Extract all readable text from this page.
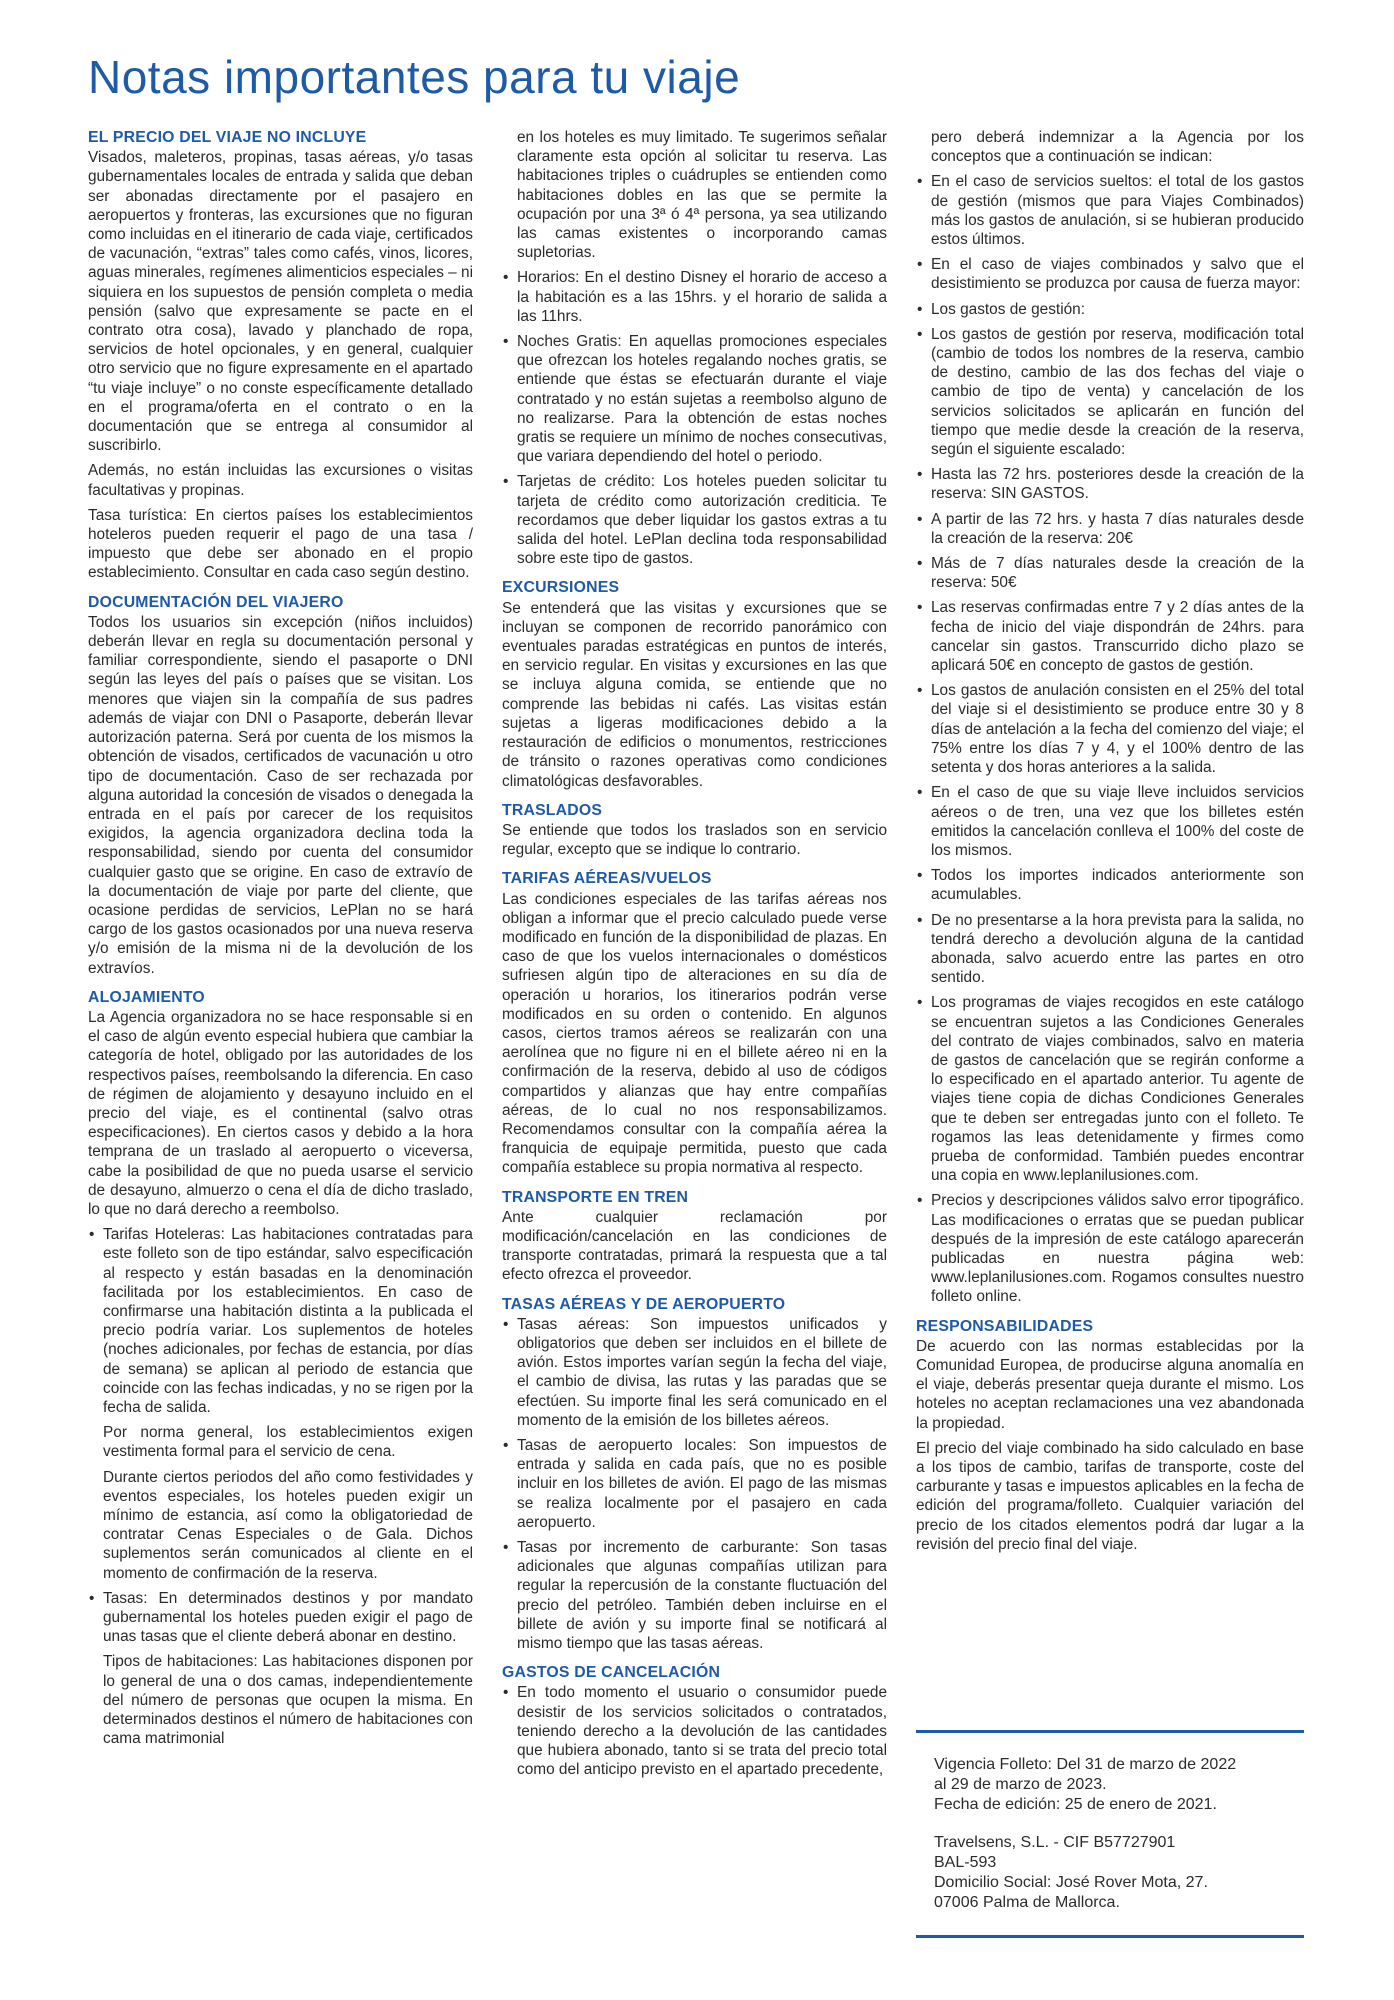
Notas importantes para tu viaje
EL PRECIO DEL VIAJE NO INCLUYE
Visados, maleteros, propinas, tasas aéreas, y/o tasas gubernamentales locales de entrada y salida que deban ser abonadas directamente por el pasajero en aeropuertos y fronteras, las excursiones que no figuran como incluidas en el itinerario de cada viaje, certificados de vacunación, “extras” tales como cafés, vinos, licores, aguas minerales, regímenes alimenticios especiales – ni siquiera en los supuestos de pensión completa o media pensión (salvo que expresamente se pacte en el contrato otra cosa), lavado y planchado de ropa, servicios de hotel opcionales, y en general, cualquier otro servicio que no figure expresamente en el apartado “tu viaje incluye” o no conste específicamente detallado en el programa/oferta en el contrato o en la documentación que se entrega al consumidor al suscribirlo.
Además, no están incluidas las excursiones o visitas facultativas y propinas.
Tasa turística: En ciertos países los establecimientos hoteleros pueden requerir el pago de una tasa / impuesto que debe ser abonado en el propio establecimiento. Consultar en cada caso según destino.
DOCUMENTACIÓN DEL VIAJERO
Todos los usuarios sin excepción (niños incluidos) deberán llevar en regla su documentación personal y familiar correspondiente, siendo el pasaporte o DNI según las leyes del país o países que se visitan. Los menores que viajen sin la compañía de sus padres además de viajar con DNI o Pasaporte, deberán llevar autorización paterna. Será por cuenta de los mismos la obtención de visados, certificados de vacunación u otro tipo de documentación. Caso de ser rechazada por alguna autoridad la concesión de visados o denegada la entrada en el país por carecer de los requisitos exigidos, la agencia organizadora declina toda la responsabilidad, siendo por cuenta del consumidor cualquier gasto que se origine. En caso de extravío de la documentación de viaje por parte del cliente, que ocasione perdidas de servicios, LePlan no se hará cargo de los gastos ocasionados por una nueva reserva y/o emisión de la misma ni de la devolución de los extravíos.
ALOJAMIENTO
La Agencia organizadora no se hace responsable si en el caso de algún evento especial hubiera que cambiar la categoría de hotel, obligado por las autoridades de los respectivos países, reembolsando la diferencia. En caso de régimen de alojamiento y desayuno incluido en el precio del viaje, es el continental (salvo otras especificaciones). En ciertos casos y debido a la hora temprana de un traslado al aeropuerto o viceversa, cabe la posibilidad de que no pueda usarse el servicio de desayuno, almuerzo o cena el día de dicho traslado, lo que no dará derecho a reembolso.
• Tarifas Hoteleras: Las habitaciones contratadas para este folleto son de tipo estándar, salvo especificación al respecto y están basadas en la denominación facilitada por los establecimientos. En caso de confirmarse una habitación distinta a la publicada el precio podría variar. Los suplementos de hoteles (noches adicionales, por fechas de estancia, por días de semana) se aplican al periodo de estancia que coincide con las fechas indicadas, y no se rigen por la fecha de salida.
Por norma general, los establecimientos exigen vestimenta formal para el servicio de cena.
Durante ciertos periodos del año como festividades y eventos especiales, los hoteles pueden exigir un mínimo de estancia, así como la obligatoriedad de contratar Cenas Especiales o de Gala. Dichos suplementos serán comunicados al cliente en el momento de confirmación de la reserva.
• Tasas: En determinados destinos y por mandato gubernamental los hoteles pueden exigir el pago de unas tasas que el cliente deberá abonar en destino.
Tipos de habitaciones: Las habitaciones disponen por lo general de una o dos camas, independientemente del número de personas que ocupen la misma. En determinados destinos el número de habitaciones con cama matrimonial
en los hoteles es muy limitado. Te sugerimos señalar claramente esta opción al solicitar tu reserva. Las habitaciones triples o cuádruples se entienden como habitaciones dobles en las que se permite la ocupación por una 3ª ó 4ª persona, ya sea utilizando las camas existentes o incorporando camas supletorias.
• Horarios: En el destino Disney el horario de acceso a la habitación es a las 15hrs. y el horario de salida a las 11hrs.
• Noches Gratis: En aquellas promociones especiales que ofrezcan los hoteles regalando noches gratis, se entiende que éstas se efectuarán durante el viaje contratado y no están sujetas a reembolso alguno de no realizarse. Para la obtención de estas noches gratis se requiere un mínimo de noches consecutivas, que variara dependiendo del hotel o periodo.
• Tarjetas de crédito: Los hoteles pueden solicitar tu tarjeta de crédito como autorización crediticia. Te recordamos que deber liquidar los gastos extras a tu salida del hotel. LePlan declina toda responsabilidad sobre este tipo de gastos.
EXCURSIONES
Se entenderá que las visitas y excursiones que se incluyan se componen de recorrido panorámico con eventuales paradas estratégicas en puntos de interés, en servicio regular. En visitas y excursiones en las que se incluya alguna comida, se entiende que no comprende las bebidas ni cafés. Las visitas están sujetas a ligeras modificaciones debido a la restauración de edificios o monumentos, restricciones de tránsito o razones operativas como condiciones climatológicas desfavorables.
TRASLADOS
Se entiende que todos los traslados son en servicio regular, excepto que se indique lo contrario.
TARIFAS AÉREAS/VUELOS
Las condiciones especiales de las tarifas aéreas nos obligan a informar que el precio calculado puede verse modificado en función de la disponibilidad de plazas. En caso de que los vuelos internacionales o domésticos sufriesen algún tipo de alteraciones en su día de operación u horarios, los itinerarios podrán verse modificados en su orden o contenido. En algunos casos, ciertos tramos aéreos se realizarán con una aerolínea que no figure ni en el billete aéreo ni en la confirmación de la reserva, debido al uso de códigos compartidos y alianzas que hay entre compañías aéreas, de lo cual no nos responsabilizamos. Recomendamos consultar con la compañía aérea la franquicia de equipaje permitida, puesto que cada compañía establece su propia normativa al respecto.
TRANSPORTE EN TREN
Ante cualquier reclamación por modificación/cancelación en las condiciones de transporte contratadas, primará la respuesta que a tal efecto ofrezca el proveedor.
TASAS AÉREAS Y DE AEROPUERTO
• Tasas aéreas: Son impuestos unificados y obligatorios que deben ser incluidos en el billete de avión. Estos importes varían según la fecha del viaje, el cambio de divisa, las rutas y las paradas que se efectúen. Su importe final les será comunicado en el momento de la emisión de los billetes aéreos.
• Tasas de aeropuerto locales: Son impuestos de entrada y salida en cada país, que no es posible incluir en los billetes de avión. El pago de las mismas se realiza localmente por el pasajero en cada aeropuerto.
• Tasas por incremento de carburante: Son tasas adicionales que algunas compañías utilizan para regular la repercusión de la constante fluctuación del precio del petróleo. También deben incluirse en el billete de avión y su importe final se notificará al mismo tiempo que las tasas aéreas.
GASTOS DE CANCELACIÓN
• En todo momento el usuario o consumidor puede desistir de los servicios solicitados o contratados, teniendo derecho a la devolución de las cantidades que hubiera abonado, tanto si se trata del precio total como del anticipo previsto en el apartado precedente,
pero deberá indemnizar a la Agencia por los conceptos que a continuación se indican:
• En el caso de servicios sueltos: el total de los gastos de gestión (mismos que para Viajes Combinados) más los gastos de anulación, si se hubieran producido estos últimos.
• En el caso de viajes combinados y salvo que el desistimiento se produzca por causa de fuerza mayor:
• Los gastos de gestión:
• Los gastos de gestión por reserva, modificación total (cambio de todos los nombres de la reserva, cambio de destino, cambio de las dos fechas del viaje o cambio de tipo de venta) y cancelación de los servicios solicitados se aplicarán en función del tiempo que medie desde la creación de la reserva, según el siguiente escalado:
• Hasta las 72 hrs. posteriores desde la creación de la reserva: SIN GASTOS.
• A partir de las 72 hrs. y hasta 7 días naturales desde la creación de la reserva: 20€
• Más de 7 días naturales desde la creación de la reserva: 50€
• Las reservas confirmadas entre 7 y 2 días antes de la fecha de inicio del viaje dispondrán de 24hrs. para cancelar sin gastos. Transcurrido dicho plazo se aplicará 50€ en concepto de gastos de gestión.
• Los gastos de anulación consisten en el 25% del total del viaje si el desistimiento se produce entre 30 y 8 días de antelación a la fecha del comienzo del viaje; el 75% entre los días 7 y 4, y el 100% dentro de las setenta y dos horas anteriores a la salida.
• En el caso de que su viaje lleve incluidos servicios aéreos o de tren, una vez que los billetes estén emitidos la cancelación conlleva el 100% del coste de los mismos.
• Todos los importes indicados anteriormente son acumulables.
• De no presentarse a la hora prevista para la salida, no tendrá derecho a devolución alguna de la cantidad abonada, salvo acuerdo entre las partes en otro sentido.
• Los programas de viajes recogidos en este catálogo se encuentran sujetos a las Condiciones Generales del contrato de viajes combinados, salvo en materia de gastos de cancelación que se regirán conforme a lo especificado en el apartado anterior. Tu agente de viajes tiene copia de dichas Condiciones Generales que te deben ser entregadas junto con el folleto. Te rogamos las leas detenidamente y firmes como prueba de conformidad. También puedes encontrar una copia en www.leplanilusiones.com.
• Precios y descripciones válidos salvo error tipográfico. Las modificaciones o erratas que se puedan publicar después de la impresión de este catálogo aparecerán publicadas en nuestra página web: www.leplanilusiones.com. Rogamos consultes nuestro folleto online.
RESPONSABILIDADES
De acuerdo con las normas establecidas por la Comunidad Europea, de producirse alguna anomalía en el viaje, deberás presentar queja durante el mismo. Los hoteles no aceptan reclamaciones una vez abandonada la propiedad.
El precio del viaje combinado ha sido calculado en base a los tipos de cambio, tarifas de transporte, coste del carburante y tasas e impuestos aplicables en la fecha de edición del programa/folleto. Cualquier variación del precio de los citados elementos podrá dar lugar a la revisión del precio final del viaje.
Vigencia Folleto: Del 31 de marzo de 2022
al 29 de marzo de 2023.
Fecha de edición: 25 de enero de 2021.
Travelsens, S.L. - CIF B57727901
BAL-593
Domicilio Social: José Rover Mota, 27.
07006 Palma de Mallorca.
